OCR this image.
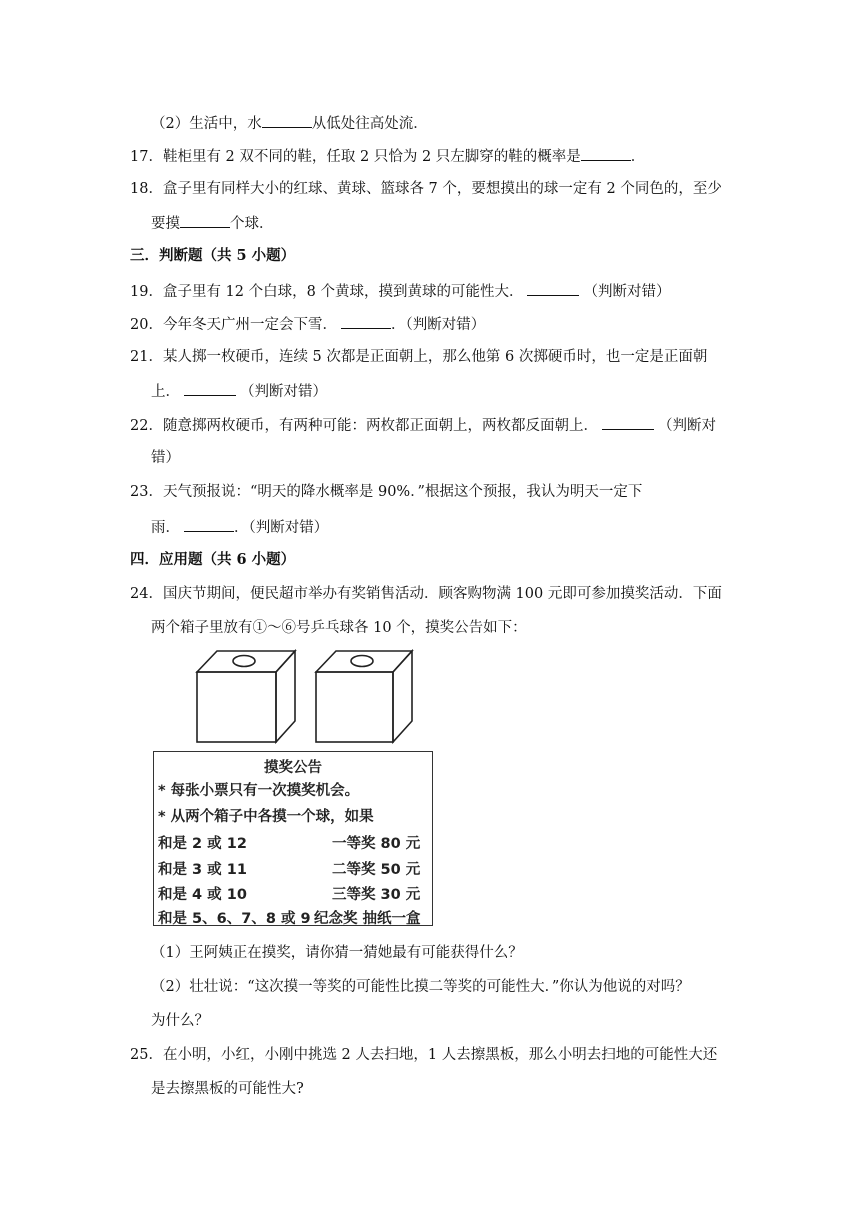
（2）生活中，水	从低处往高处流．
17．鞋柜里有 2 双不同的鞋，任取 2 只恰为 2 只左脚穿的鞋的概率是	．
18．盒子里有同样大小的红球、黄球、篮球各 7 个，要想摸出的球一定有 2 个同色的，至少
要摸	个球．
三．判断题（共 5 小题）
19．盒子里有 12 个白球，8 个黄球，摸到黄球的可能性大．	（判断对错）
20．今年冬天广州一定会下雪．	．（判断对错）
21．某人掷一枚硬币，连续 5 次都是正面朝上，那么他第 6 次掷硬币时，也一定是正面朝
上．	（判断对错）
22．随意掷两枚硬币，有两种可能：两枚都正面朝上，两枚都反面朝上．	（判断对
错）
23．天气预报说：“明天的降水概率是 90%．”根据这个预报，我认为明天一定下
雨．	．（判断对错）
四．应用题（共 6 小题）
24．国庆节期间，便民超市举办有奖销售活动．顾客购物满 100 元即可参加摸奖活动．下面
两个箱子里放有①～⑥号乒乓球各 10 个，摸奖公告如下：
摸奖公告
* 每张小票只有一次摸奖机会。
* 从两个箱子中各摸一个球，如果
和是 2 或 12	一等奖 80 元
和是 3 或 11	二等奖 50 元
和是 4 或 10	三等奖 30 元
和是 5、6、7、8 或 9 纪念奖 抽纸一盒
（1）王阿姨正在摸奖，请你猜一猜她最有可能获得什么？
（2）壮壮说：“这次摸一等奖的可能性比摸二等奖的可能性大．”你认为他说的对吗？
为什么？
25．在小明，小红，小刚中挑选 2 人去扫地，1 人去擦黑板，那么小明去扫地的可能性大还
是去擦黑板的可能性大?
